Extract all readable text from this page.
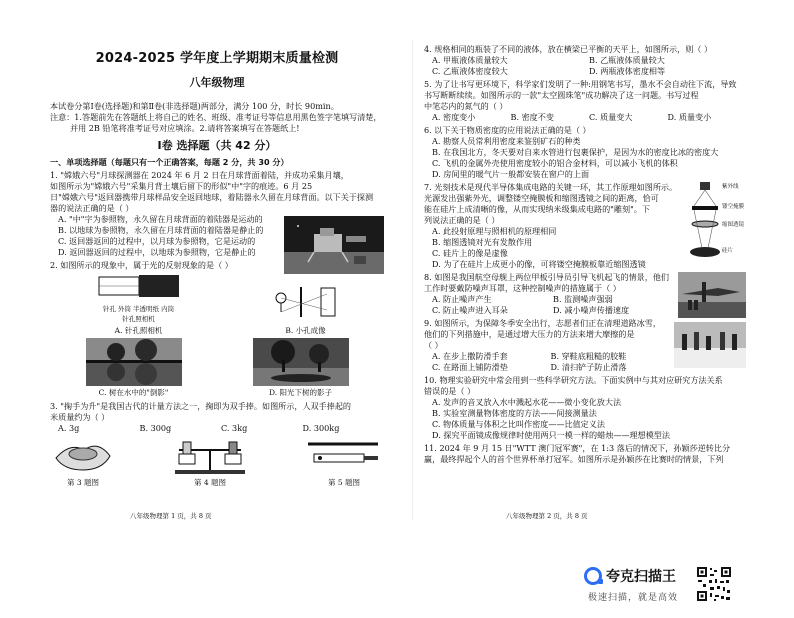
2024-2025 学年度上学期期末质量检测
八年级物理

本试卷分第Ⅰ卷(选择题)和第Ⅱ卷(非选择题)两部分，满分 100 分，时长 90min。

注意：1.答题前先在答题纸上将自己的姓名、班级、准考证号等信息用黑色签字笔填写清楚，

并用 2B 铅笔将准考证号对应填涂。2.请将答案填写在答题纸上!

Ⅰ卷 选择题（共 42 分）
一、单项选择题（每题只有一个正确答案，每题 2 分，共 30 分）
1. "嫦娥六号"月球探测器在 2024 年 6 月 2 日在月球背面着陆，并成功采集月壤，
如图所示为"嫦娥六号"采集月背土壤后留下的形似"中"字的痕迹。6 月 25
日"嫦娥六号"返回器携带月球样品安全返回地球，着陆器永久留在月球背面。以下关于探测
器的说法正确的是（ ）
A. "中"字为参照物，永久留在月球背面的着陆器是运动的
B. 以地球为参照物，永久留在月球背面的着陆器是静止的
C. 返回器返回的过程中，以月球为参照物，它是运动的
D. 返回器返回的过程中，以地球为参照物，它是静止的
2. 如图所示的现象中，属于光的反射现象的是（ ）
针孔 外筒 半透明纸 内筒
针孔照相机
A. 针孔照相机	B. 小孔成像
C. 树在水中的"倒影"	D. 阳光下树的影子
3. "掬手为升"是我国古代的计量方法之一，掬即为双手捧。如图所示，人双手捧起的
米质量约为（ ）
A. 3g	B. 300g	C. 3kg	D. 300kg
第 3 题图	第 4 题图	第 5 题图
八年级物理第 1 页，共 8 页
4. 规格相同的瓶装了不同的液体，放在横梁已平衡的天平上，如图所示，则（ ）
A. 甲瓶液体质量较大	B. 乙瓶液体质量较大
C. 乙瓶液体密度较大	D. 两瓶液体密度相等
5. 为了让书写更环境下，科学家们发明了一种:用钢笔书写，墨水不会自动往下流，导致
书写断断续续。如图所示的一款"太空圆珠笔"成功解决了这一问题。书写过程
中笔芯内的氮气的（ ）
A. 密度变小	B. 密度不变	C. 质量变大	D. 质量变小
6. 以下关于物质密度的应用说法正确的是（ ）
A. 勘察人员常利用密度来鉴别矿石的种类
B. 在我国北方，冬天要对自来水管进行包裹保护，是因为水的密度比冰的密度大
C. 飞机的金属外壳使用密度较小的铝合金材料，可以减小飞机的体积
D. 房间里的暖气片一般都安装在窗户的上面
7. 光刻技术是现代半导体集成电路的关键一环，其工作原理如图所示。
光源发出强紫外光，调整镂空掩膜板和缩图透镜之间的距离，恰可
能在硅片上成清晰的像，从而实现纳米级集成电路的"雕刻"。下
列说法正确的是（ ）
A. 此投射原理与照相机的原理相同
B. 缩图透镜对光有发散作用
C. 硅片上的像是虚像
D. 为了在硅片上成更小的像，可将镂空掩膜板靠近缩图透镜
紫外线
镂空掩膜
缩图透镜
硅片
8. 如图是我国航空母舰上两位甲板引导员引导飞机起飞的情景，他们
工作时要戴防噪声耳罩，这种控制噪声的措施属于（ ）
A. 防止噪声产生	B. 监测噪声强弱
C. 防止噪声进入耳朵	D. 减小噪声传播速度
9. 如图所示，为保障冬季安全出行，志愿者们正在清理道路冰雪，
他们的下列措施中，是通过增大压力的方法来增大摩擦的是
（ ）
A. 在步上撒防滑手套	B. 穿鞋底粗糙的胶鞋
C. 在路面上铺防滑垫	D. 清扫铲子防止滑落
10. 物理实验研究中常会用到一些科学研究方法。下面实例中与其对应研究方法关系
错误的是（ ）
A. 发声的音叉放入水中溅起水花——微小变化放大法
B. 实验室测量物体密度的方法——间接测量法
C. 物体质量与体积之比叫作密度——比值定义法
D. 探究平面镜成像规律时使用两只一模一样的蜡烛——理想模型法
11. 2024 年 9 月 15 日"WTT 澳门冠军赛"，在 1:3 落后的情况下，孙颖莎逆转比分
赢，最终捍起个人的首个世界杯单打冠军。如图所示是孙颖莎在比赛时的情景，下列
八年级物理第 2 页，共 8 页
夸克扫描王
极速扫描，就是高效
